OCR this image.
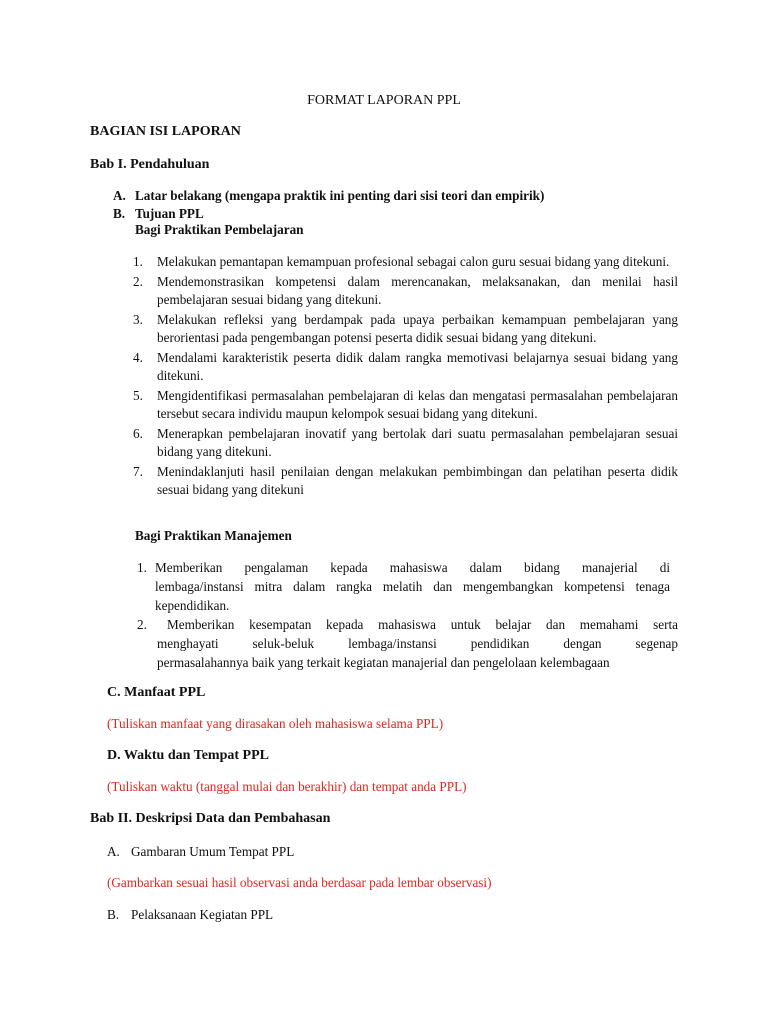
FORMAT LAPORAN PPL
BAGIAN ISI LAPORAN
Bab I. Pendahuluan
A. Latar belakang (mengapa praktik ini penting dari sisi teori dan empirik)
B. Tujuan PPL
Bagi Praktikan Pembelajaran
1. Melakukan pemantapan kemampuan profesional sebagai calon guru sesuai bidang yang ditekuni.
2. Mendemonstrasikan kompetensi dalam merencanakan, melaksanakan, dan menilai hasil pembelajaran sesuai bidang yang ditekuni.
3. Melakukan refleksi yang berdampak pada upaya perbaikan kemampuan pembelajaran yang berorientasi pada pengembangan potensi peserta didik sesuai bidang yang ditekuni.
4. Mendalami karakteristik peserta didik dalam rangka memotivasi belajarnya sesuai bidang yang ditekuni.
5. Mengidentifikasi permasalahan pembelajaran di kelas dan mengatasi permasalahan pembelajaran tersebut secara individu maupun kelompok sesuai bidang yang ditekuni.
6. Menerapkan pembelajaran inovatif yang bertolak dari suatu permasalahan pembelajaran sesuai bidang yang ditekuni.
7. Menindaklanjuti hasil penilaian dengan melakukan pembimbingan dan pelatihan peserta didik sesuai bidang yang ditekuni
Bagi Praktikan Manajemen
1. Memberikan pengalaman kepada mahasiswa dalam bidang manajerial di
lembaga/instansi mitra dalam rangka melatih dan mengembangkan kompetensi tenaga
kependidikan.
2. Memberikan kesempatan kepada mahasiswa untuk belajar dan memahami serta
menghayati seluk-beluk lembaga/instansi pendidikan dengan segenap
permasalahannya baik yang terkait kegiatan manajerial dan pengelolaan kelembagaan
C. Manfaat PPL
(Tuliskan manfaat yang dirasakan oleh mahasiswa selama PPL)
D. Waktu dan Tempat PPL
(Tuliskan waktu (tanggal mulai dan berakhir) dan tempat anda PPL)
Bab II. Deskripsi Data dan Pembahasan
A. Gambaran Umum Tempat PPL
(Gambarkan sesuai hasil observasi anda berdasar pada lembar observasi)
B. Pelaksanaan Kegiatan PPL
